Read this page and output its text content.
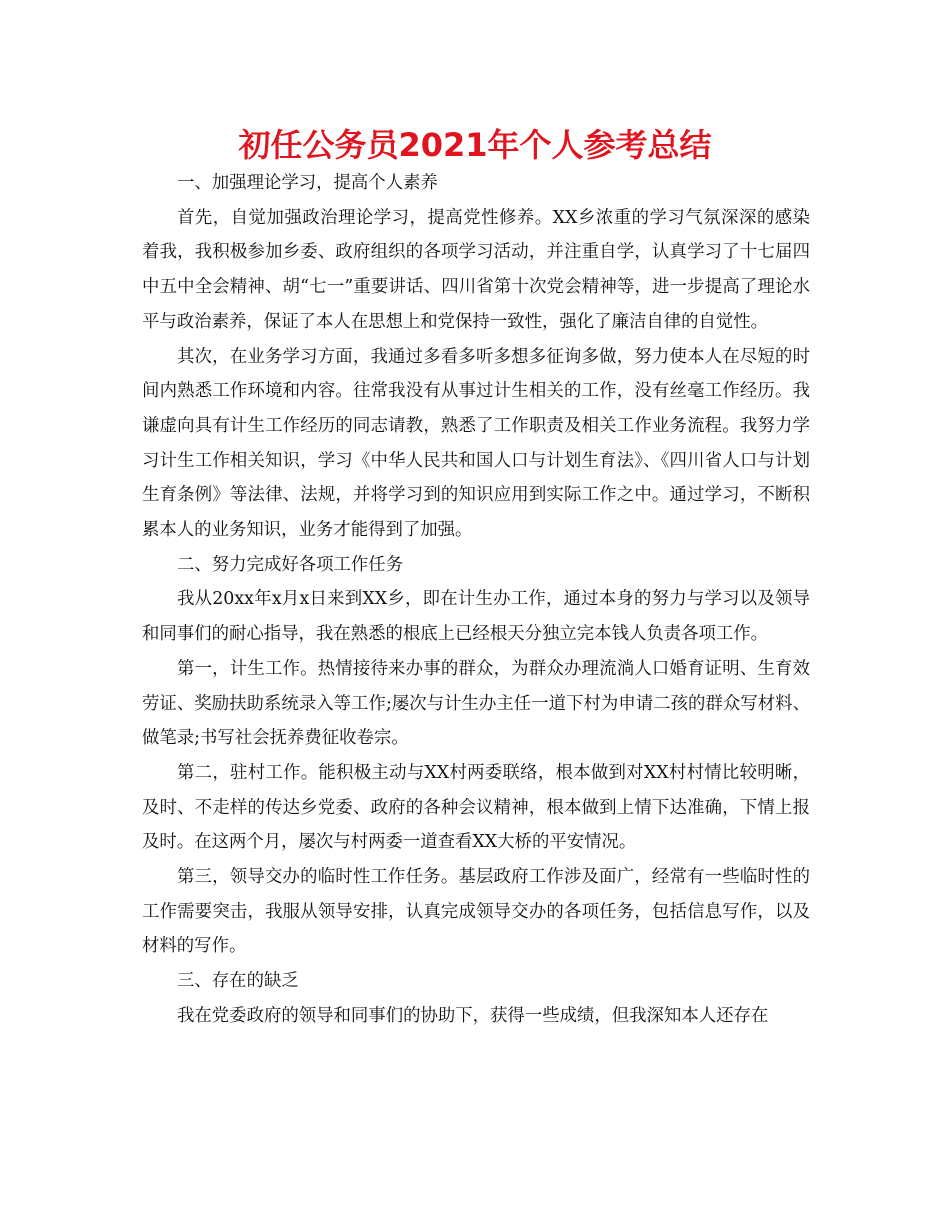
初任公务员2021年个人参考总结

一、加强理论学习，提高个人素养

首先，自觉加强政治理论学习，提高党性修养。XX乡浓重的学习气氛深深的感染着我，我积极参加乡委、政府组织的各项学习活动，并注重自学，认真学习了十七届四中五中全会精神、胡“七一”重要讲话、四川省第十次党会精神等，进一步提高了理论水平与政治素养，保证了本人在思想上和党保持一致性，强化了廉洁自律的自觉性。

其次，在业务学习方面，我通过多看多听多想多征询多做，努力使本人在尽短的时间内熟悉工作环境和内容。往常我没有从事过计生相关的工作，没有丝毫工作经历。我谦虚向具有计生工作经历的同志请教，熟悉了工作职责及相关工作业务流程。我努力学习计生工作相关知识，学习《中华人民共和国人口与计划生育法》、《四川省人口与计划生育条例》等法律、法规，并将学习到的知识应用到实际工作之中。通过学习，不断积累本人的业务知识，业务才能得到了加强。

二、努力完成好各项工作任务

我从20xx年x月x日来到XX乡，即在计生办工作，通过本身的努力与学习以及领导和同事们的耐心指导，我在熟悉的根底上已经根天分独立完本钱人负责各项工作。

第一，计生工作。热情接待来办事的群众，为群众办理流淌人口婚育证明、生育效劳证、奖励扶助系统录入等工作;屡次与计生办主任一道下村为申请二孩的群众写材料、做笔录;书写社会抚养费征收卷宗。

第二，驻村工作。能积极主动与XX村两委联络，根本做到对XX村村情比较明晰，及时、不走样的传达乡党委、政府的各种会议精神，根本做到上情下达准确，下情上报及时。在这两个月，屡次与村两委一道查看XX大桥的平安情况。

第三，领导交办的临时性工作任务。基层政府工作涉及面广，经常有一些临时性的工作需要突击，我服从领导安排，认真完成领导交办的各项任务，包括信息写作，以及材料的写作。

三、存在的缺乏

我在党委政府的领导和同事们的协助下，获得一些成绩，但我深知本人还存在
